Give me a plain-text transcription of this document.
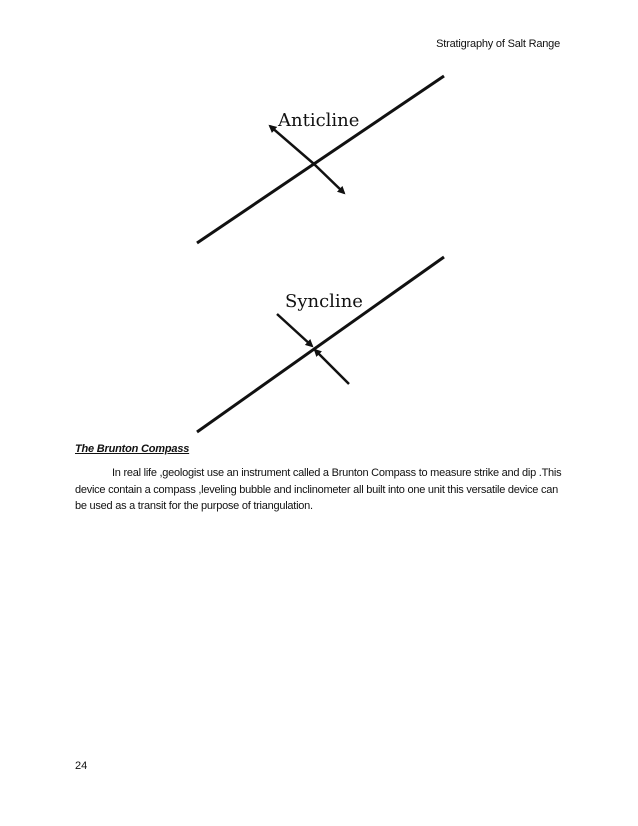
Stratigraphy of Salt Range
Anticline
Syncline
The Brunton Compass

In real life ,geologist use an instrument called a Brunton Compass to measure strike and dip .This device contain a compass ,leveling bubble and inclinometer all built into one unit this versatile device can be used as a transit for the purpose of triangulation.

24
